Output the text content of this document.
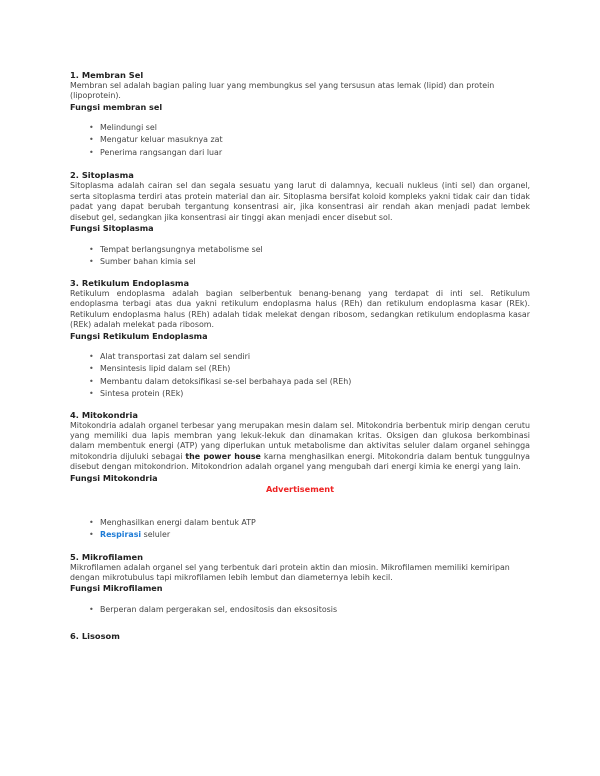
1. Membran Sel

Membran sel adalah bagian paling luar yang membungkus sel yang tersusun atas lemak (lipid) dan protein (lipoprotein).

Fungsi membran sel

• Melindungi sel
• Mengatur keluar masuknya zat
• Penerima rangsangan dari luar
2. Sitoplasma

Sitoplasma adalah cairan sel dan segala sesuatu yang larut di dalamnya, kecuali nukleus (inti sel) dan organel, serta sitoplasma terdiri atas protein material dan air. Sitoplasma bersifat koloid kompleks yakni tidak cair dan tidak padat yang dapat berubah tergantung konsentrasi air, jika konsentrasi air rendah akan menjadi padat lembek disebut gel, sedangkan jika konsentrasi air tinggi akan menjadi encer disebut sol.

Fungsi Sitoplasma

• Tempat berlangsungnya metabolisme sel
• Sumber bahan kimia sel
3. Retikulum Endoplasma

Retikulum endoplasma adalah bagian selberbentuk benang-benang yang terdapat di inti sel. Retikulum endoplasma terbagi atas dua yakni retikulum endoplasma halus (REh) dan retikulum endoplasma kasar (REk). Retikulum endoplasma halus (REh) adalah tidak melekat dengan ribosom, sedangkan retikulum endoplasma kasar (REk) adalah melekat pada ribosom.

Fungsi Retikulum Endoplasma

• Alat transportasi zat dalam sel sendiri
• Mensintesis lipid dalam sel (REh)
• Membantu dalam detoksifikasi se-sel berbahaya pada sel (REh)
• Sintesa protein (REk)
4. Mitokondria

Mitokondria adalah organel terbesar yang merupakan mesin dalam sel. Mitokondria berbentuk mirip dengan cerutu yang memiliki dua lapis membran yang lekuk-lekuk dan dinamakan kritas. Oksigen dan glukosa berkombinasi dalam membentuk energi (ATP) yang diperlukan untuk metabolisme dan aktivitas seluler dalam organel sehingga mitokondria dijuluki sebagai the power house karna menghasilkan energi. Mitokondria dalam bentuk tunggulnya disebut dengan mitokondrion. Mitokondrion adalah organel yang mengubah dari energi kimia ke energi yang lain.

Fungsi Mitokondria

Advertisement

• Menghasilkan energi dalam bentuk ATP
• Respirasi seluler
5. Mikrofilamen

Mikrofilamen adalah organel sel yang terbentuk dari protein aktin dan miosin. Mikrofilamen memiliki kemiripan dengan mikrotubulus tapi mikrofilamen lebih lembut dan diameternya lebih kecil.

Fungsi Mikrofilamen

• Berperan dalam pergerakan sel, endositosis dan eksositosis
6. Lisosom
